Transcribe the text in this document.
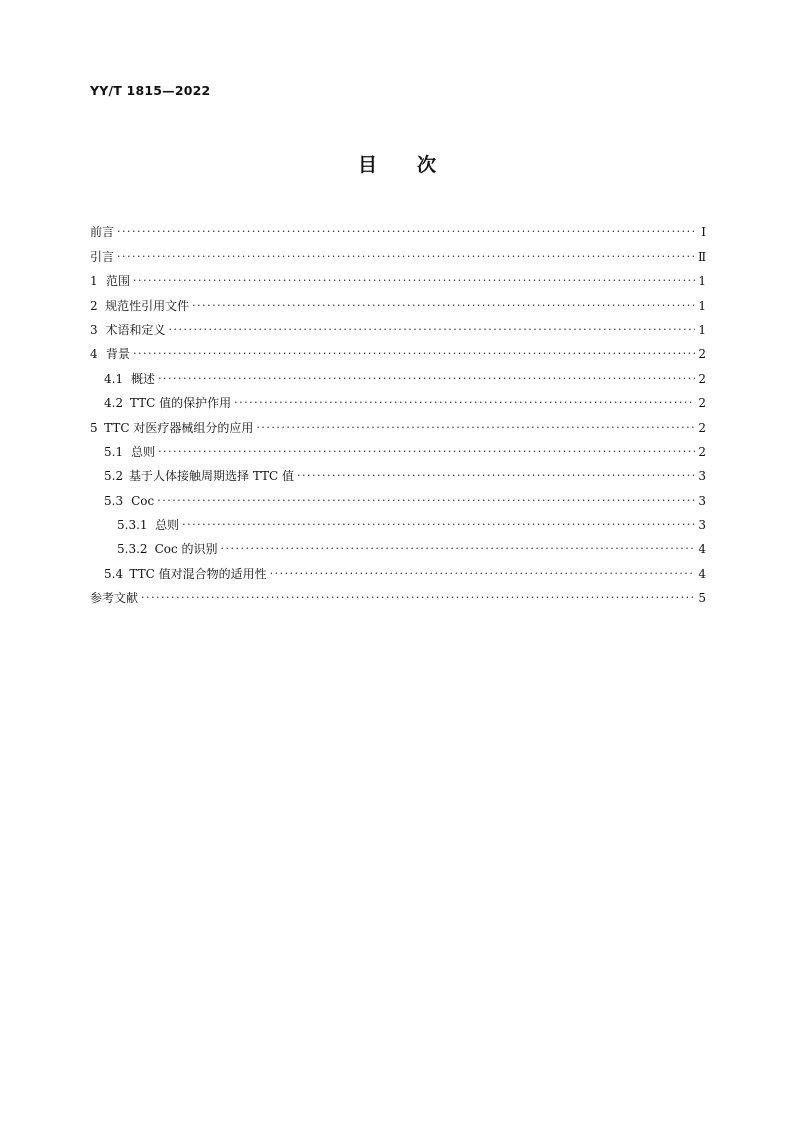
YY/T 1815—2022
目次
前言 ·····	Ⅰ
引言 ·····	Ⅱ
1 范围 ·····	1
2 规范性引用文件 ·····	1
3 术语和定义 ·····	1
4 背景 ·····	2
4.1 概述 ·····	2
4.2 TTC 值的保护作用 ·····	2
5 TTC 对医疗器械组分的应用 ·····	2
5.1 总则 ·····	2
5.2 基于人体接触周期选择 TTC 值 ·····	3
5.3 Coc ·····	3
5.3.1 总则 ·····	3
5.3.2 Coc 的识别 ·····	4
5.4 TTC 值对混合物的适用性 ·····	4
参考文献 ·····	5
